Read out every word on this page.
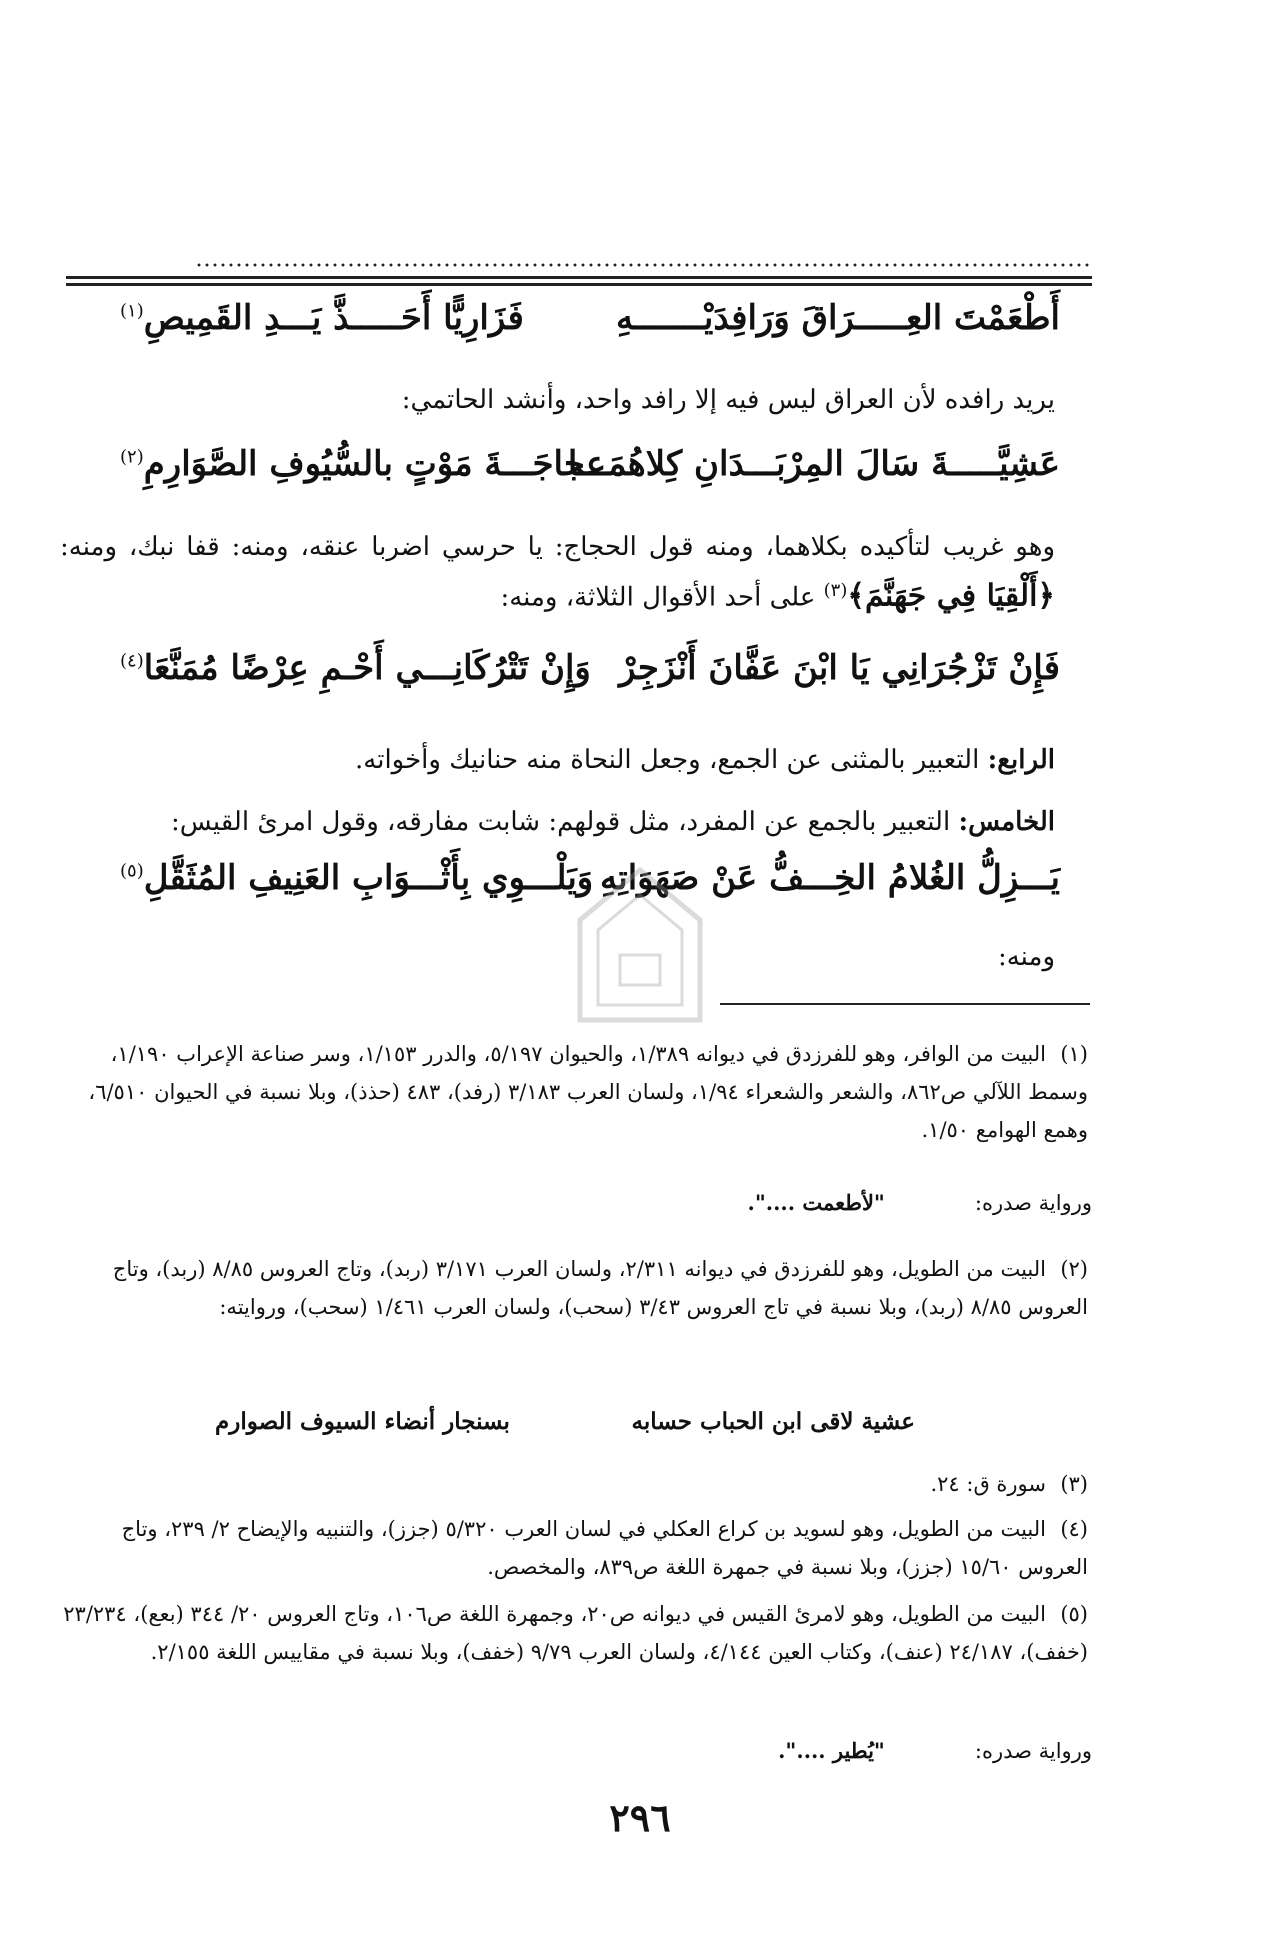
أَطْعَمْتَ العِـــــرَاقَ وَرَافِدَيْـــــــهِ
فَزَارِيًّا أَحَـــــذَّ يَـــدِ القَمِيصِ$^{(١)}$
يريد رافده لأن العراق ليس فيه إلا رافد واحد، وأنشد الحاتمي:
عَشِيَّـــــةَ سَالَ المِرْبَـــدَانِ كِلاهُمَـــا
عجاجَـــةَ مَوْتٍ بالسُّيُوفِ الصَّوَارِمِ$^{(٢)}$
وهو غريب لتأكيده بكلاهما، ومنه قول الحجاج: يا حرسي اضربا عنقه، ومنه: قفا نبك، ومنه: ﴿أَلْقِيَا فِي جَهَنَّمَ﴾$^{(٣)}$ على أحد الأقوال الثلاثة، ومنه:
فَإِنْ تَزْجُرَانِي يَا ابْنَ عَفَّانَ أَنْزَجِرْ
وَإِنْ تَتْرُكَانِـــي أَحْـمِ عِرْضًا مُمَنَّعَا$^{(٤)}$
الرابع: التعبير بالمثنى عن الجمع، وجعل النحاة منه حنانيك وأخواته.
الخامس: التعبير بالجمع عن المفرد، مثل قولهم: شابت مفارقه، وقول امرئ القيس:
يَـــزِلُّ الغُلامُ الخِـــفُّ عَنْ صَهَوَاتِهِ
وَيَلْـــوِي بِأَثْـــوَابِ العَنِيفِ المُثَقَّلِ$^{(٥)}$
ومنه:
(١)البيت من الوافر، وهو للفرزدق في ديوانه ١/٣٨٩، والحيوان ٥/١٩٧، والدرر ١/١٥٣، وسر صناعة الإعراب ١/١٩٠، وسمط اللآلي ص٨٦٢، والشعر والشعراء ١/٩٤، ولسان العرب ٣/١٨٣ (رفد)، ٤٨٣ (حذذ)، وبلا نسبة في الحيوان ٦/٥١٠، وهمع الهوامع ١/٥٠.
ورواية صدره:"لأطعمت ....".
(٢)البيت من الطويل، وهو للفرزدق في ديوانه ٢/٣١١، ولسان العرب ٣/١٧١ (ربد)، وتاج العروس ٨/٨٥ (ربد)، وتاج العروس ٨/٨٥ (ربد)، وبلا نسبة في تاج العروس ٣/٤٣ (سحب)، ولسان العرب ١/٤٦١ (سحب)، وروايته:
عشية لاقى ابن الحباب حسابه
بسنجار أنضاء السيوف الصوارم
(٣)سورة ق: ٢٤.
(٤)البيت من الطويل، وهو لسويد بن كراع العكلي في لسان العرب ٥/٣٢٠ (جزز)، والتنبيه والإيضاح ٢/ ٢٣٩، وتاج العروس ١٥/٦٠ (جزز)، وبلا نسبة في جمهرة اللغة ص٨٣٩، والمخصص.
(٥)البيت من الطويل، وهو لامرئ القيس في ديوانه ص٢٠، وجمهرة اللغة ص١٠٦، وتاج العروس ٢٠/ ٣٤٤ (بعع)، ٢٣/٢٣٤ (خفف)، ٢٤/١٨٧ (عنف)، وكتاب العين ٤/١٤٤، ولسان العرب ٩/٧٩ (خفف)، وبلا نسبة في مقاييس اللغة ٢/١٥٥.
ورواية صدره:"يُطير ....".
٢٩٦
